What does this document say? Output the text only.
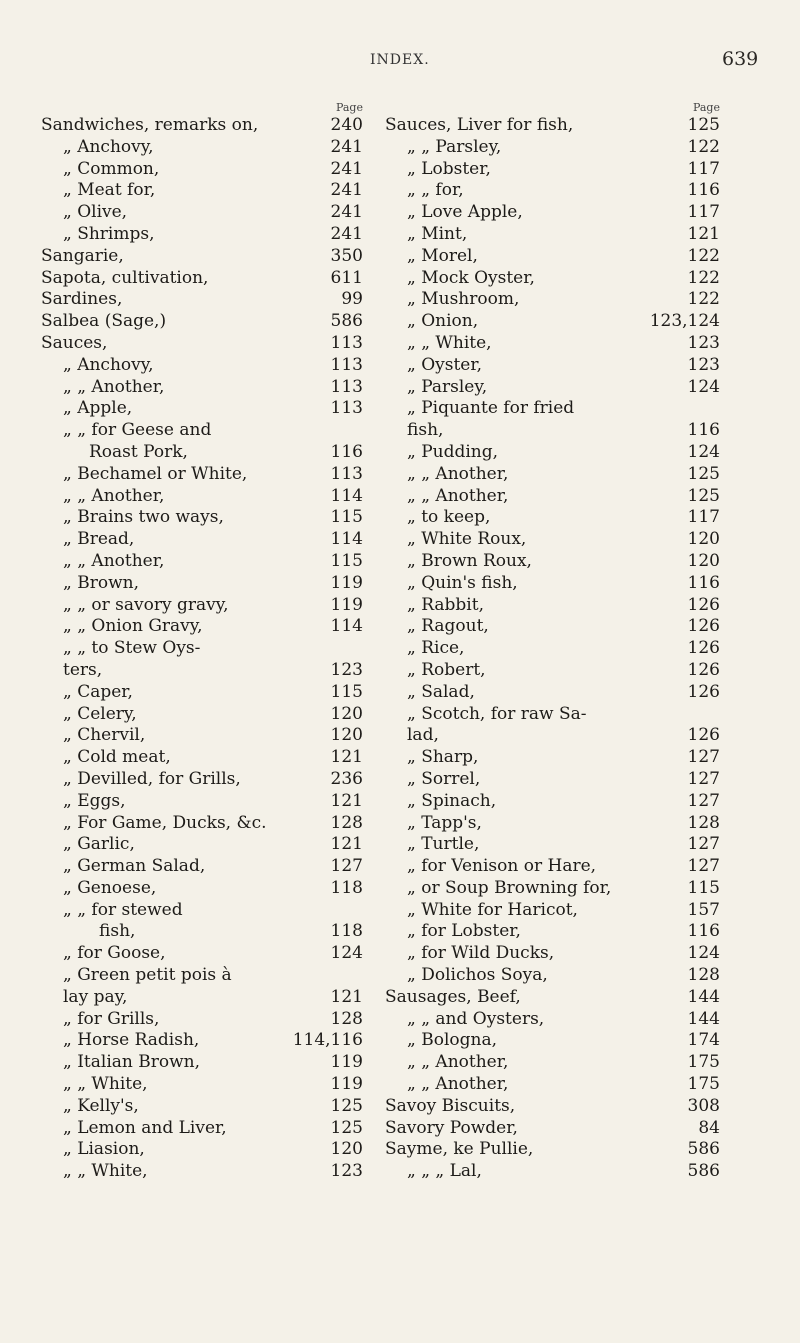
INDEX.	639
Page
Sandwiches, remarks on,	240
„ Anchovy,	241
„ Common,	241
„ Meat for,	241
„ Olive,	241
„ Shrimps,	241
Sangarie,	350
Sapota, cultivation,	611
Sardines,	99
Salbea (Sage,)	586
Sauces,	113
„ Anchovy,	113
„ „ Another,	113
„ Apple,	113
„ „ for Geese and
Roast Pork,	116
„ Bechamel or White,	113
„ „ Another,	114
„ Brains two ways,	115
„ Bread,	114
„ „ Another,	115
„ Brown,	119
„ „ or savory gravy,	119
„ „ Onion Gravy,	114
„ „ to Stew Oys-
ters,	123
„ Caper,	115
„ Celery,	120
„ Chervil,	120
„ Cold meat,	121
„ Devilled, for Grills,	236
„ Eggs,	121
„ For Game, Ducks, &c.	128
„ Garlic,	121
„ German Salad,	127
„ Genoese,	118
„ „ for stewed
fish,	118
„ for Goose,	124
„ Green petit pois à
lay pay,	121
„ for Grills,	128
„ Horse Radish,	114,116
„ Italian Brown,	119
„ „ White,	119
„ Kelly's,	125
„ Lemon and Liver,	125
„ Liasion,	120
„ „ White,	123
Page
Sauces, Liver for fish,	125
„ „ Parsley,	122
„ Lobster,	117
„ „ for,	116
„ Love Apple,	117
„ Mint,	121
„ Morel,	122
„ Mock Oyster,	122
„ Mushroom,	122
„ Onion,	123,124
„ „ White,	123
„ Oyster,	123
„ Parsley,	124
„ Piquante for fried
fish,	116
„ Pudding,	124
„ „ Another,	125
„ „ Another,	125
„ to keep,	117
„ White Roux,	120
„ Brown Roux,	120
„ Quin's fish,	116
„ Rabbit,	126
„ Ragout,	126
„ Rice,	126
„ Robert,	126
„ Salad,	126
„ Scotch, for raw Sa-
lad,	126
„ Sharp,	127
„ Sorrel,	127
„ Spinach,	127
„ Tapp's,	128
„ Turtle,	127
„ for Venison or Hare,	127
„ or Soup Browning for,	115
„ White for Haricot,	157
„ for Lobster,	116
„ for Wild Ducks,	124
„ Dolichos Soya,	128
Sausages, Beef,	144
„ „ and Oysters,	144
„ Bologna,	174
„ „ Another,	175
„ „ Another,	175
Savoy Biscuits,	308
Savory Powder,	84
Sayme, ke Pullie,	586
„ „ „ Lal,	586
